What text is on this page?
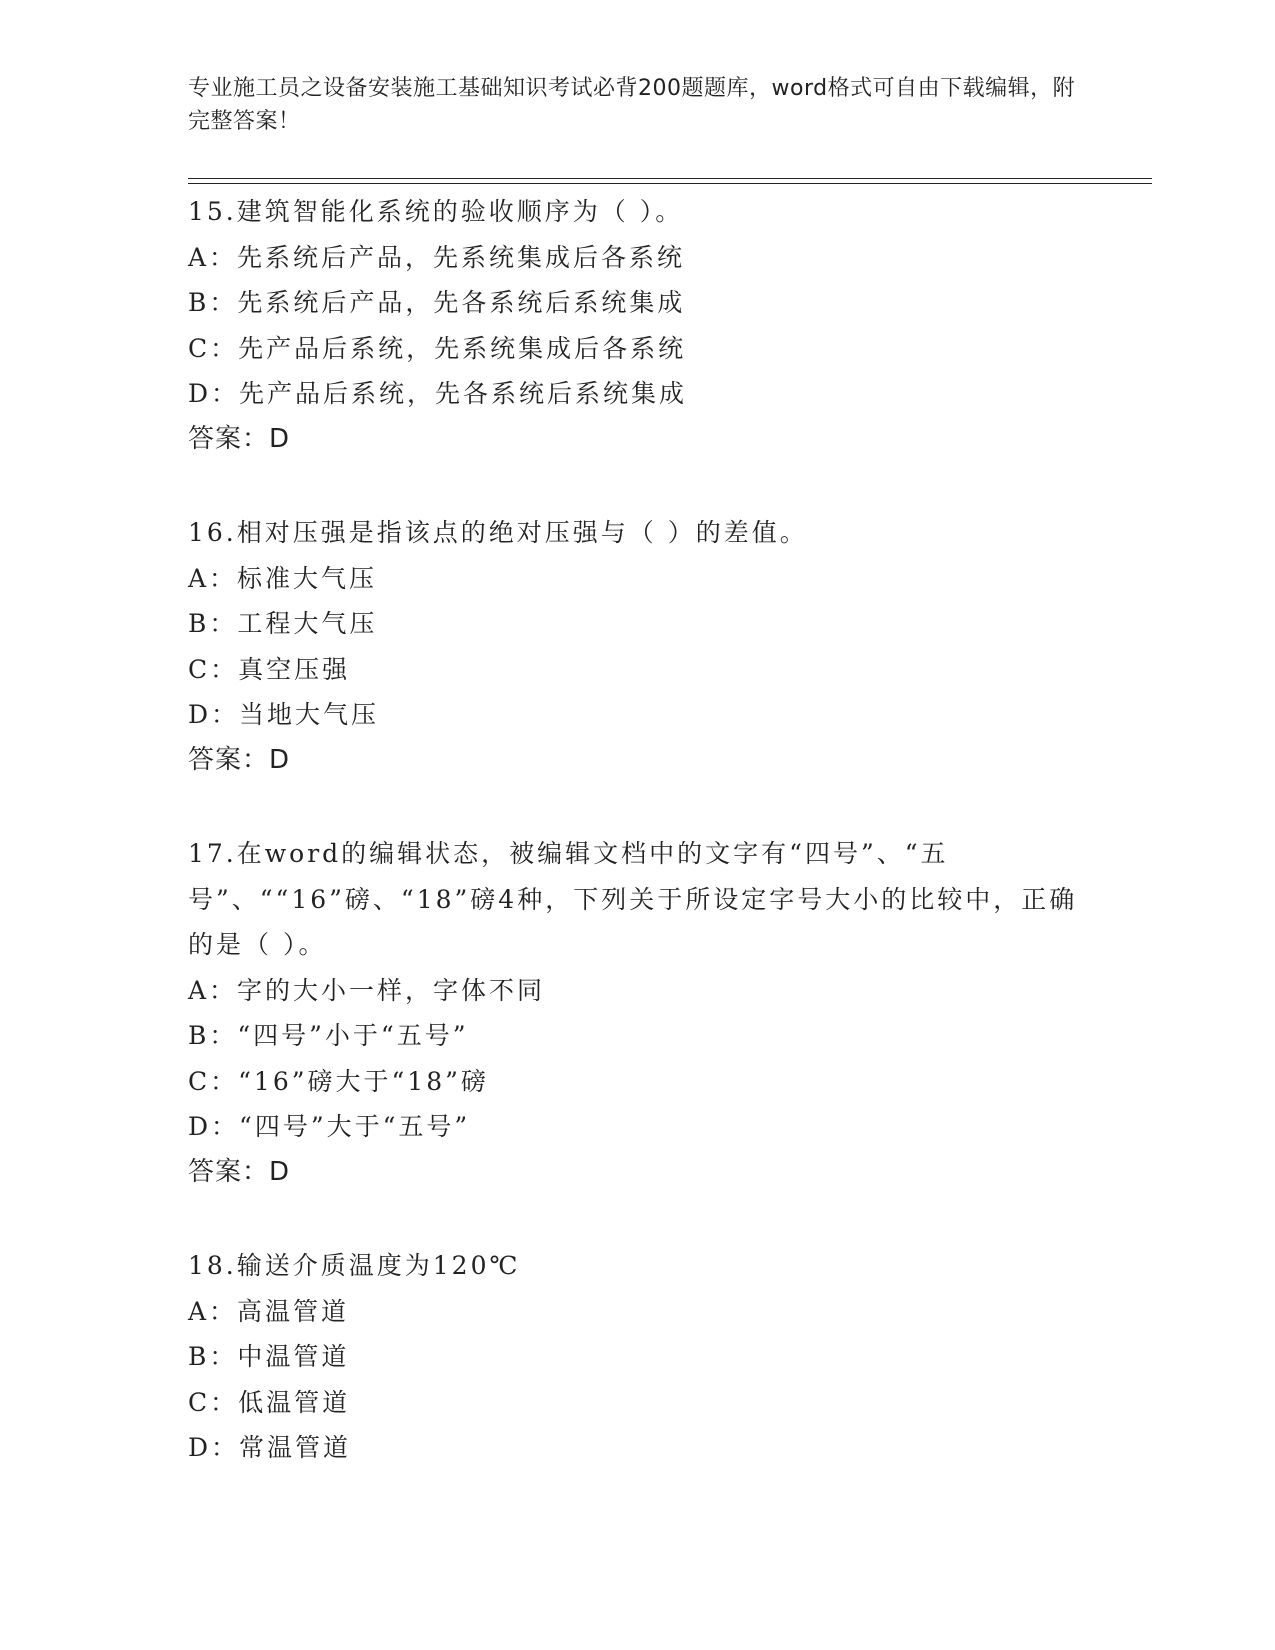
专业施工员之设备安装施工基础知识考试必背200题题库，word格式可自由下载编辑，附完整答案！
15.建筑智能化系统的验收顺序为（ ）。
A：先系统后产品，先系统集成后各系统
B：先系统后产品，先各系统后系统集成
C：先产品后系统，先系统集成后各系统
D：先产品后系统，先各系统后系统集成
答案：D
16.相对压强是指该点的绝对压强与（ ）的差值。
A：标准大气压
B：工程大气压
C：真空压强
D：当地大气压
答案：D
17.在word的编辑状态，被编辑文档中的文字有“四号”、“五号”、““16”磅、“18”磅4种，下列关于所设定字号大小的比较中，正确的是（ ）。
A：字的大小一样，字体不同
B：“四号”小于“五号”
C：“16”磅大于“18”磅
D：“四号”大于“五号”
答案：D
18.输送介质温度为120℃
A：高温管道
B：中温管道
C：低温管道
D：常温管道
